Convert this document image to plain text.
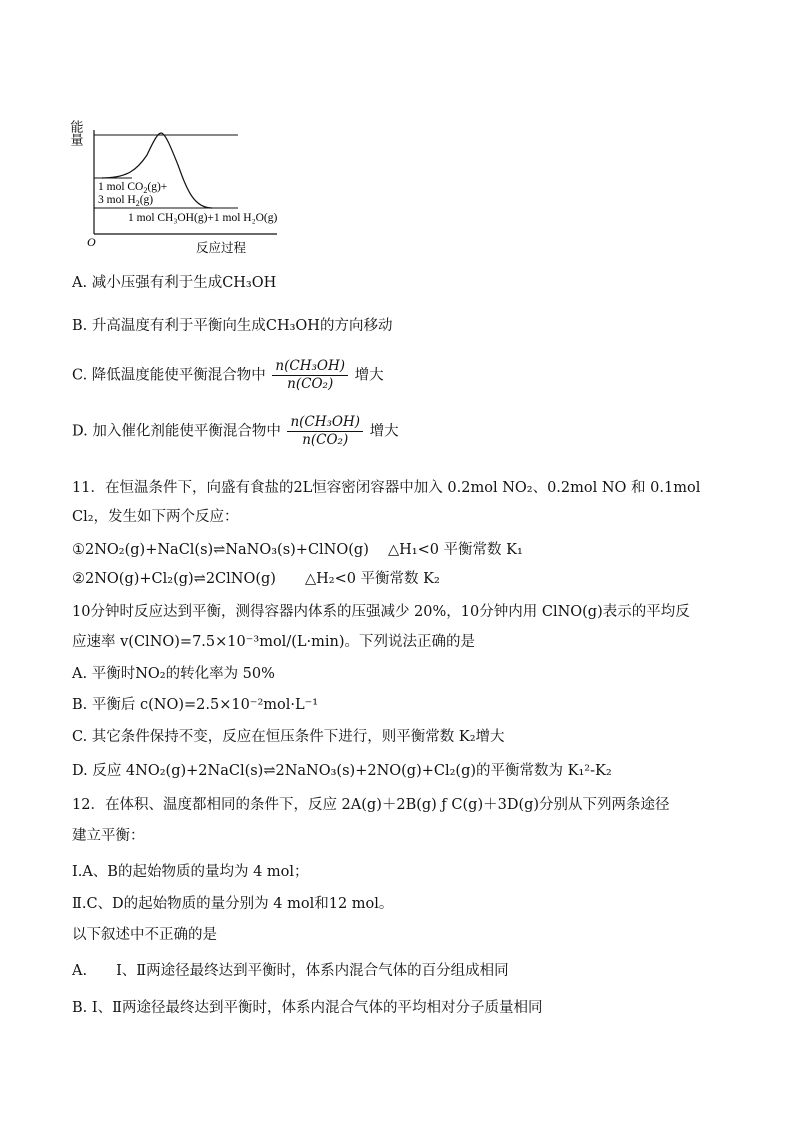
能量
1 mol $CO_2(g)+$
3 mol $H_2(g)$
1 mol CH₃OH(g)+1 mol H₂O(g)
O	反应过程
A. 减小压强有利于生成CH₃OH
B. 升高温度有利于平衡向生成CH₃OH的方向移动
C. 降低温度能使平衡混合物中 $\frac{\text{n(CH₃OH)}}{\text{n(CO₂)}}$ 增大
D. 加入催化剂能使平衡混合物中 $\frac{\text{n(CH₃OH)}}{\text{n(CO₂)}}$ 增大
11．在恒温条件下，向盛有食盐的2L恒容密闭容器中加入 0.2mol NO₂、0.2mol NO 和 0.1mol
Cl₂，发生如下两个反应：
①2NO₂(g)+NaCl(s)⇌NaNO₃(s)+ClNO(g)　 △H₁<0 平衡常数 K₁
②2NO(g)+Cl₂(g)⇌2ClNO(g)　　△H₂<0 平衡常数 K₂
10分钟时反应达到平衡，测得容器内体系的压强减少 20%，10分钟内用 ClNO(g)表示的平均反
应速率 v(ClNO)=7.5×10⁻³mol/(L·min)。下列说法正确的是
A. 平衡时NO₂的转化率为 50%
B. 平衡后 c(NO)=2.5×10⁻²mol·L⁻¹
C. 其它条件保持不变，反应在恒压条件下进行，则平衡常数 K₂增大
D. 反应 4NO₂(g)+2NaCl(s)⇌2NaNO₃(s)+2NO(g)+Cl₂(g)的平衡常数为 K₁²-K₂
12．在体积、温度都相同的条件下，反应 2A(g)＋2B(g) ƒ C(g)＋3D(g)分别从下列两条途径
建立平衡：
Ⅰ.A、B的起始物质的量均为 4 mol；
Ⅱ.C、D的起始物质的量分别为 4 mol和12 mol。
以下叙述中不正确的是
A.　　Ⅰ、Ⅱ两途径最终达到平衡时，体系内混合气体的百分组成相同
B. Ⅰ、Ⅱ两途径最终达到平衡时，体系内混合气体的平均相对分子质量相同
